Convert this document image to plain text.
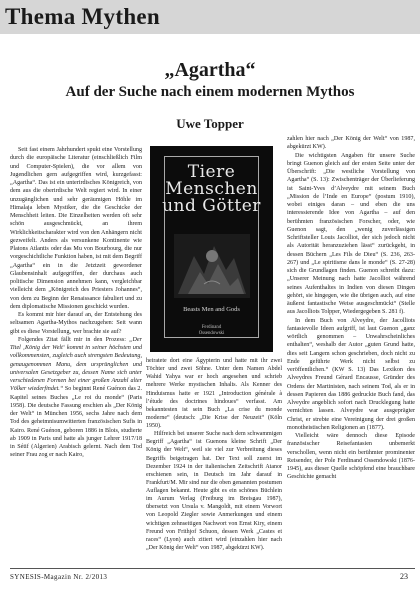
Thema Mythen
„Agartha“
Auf der Suche nach einem modernen Mythos
Uwe Topper

Seit fast einem Jahrhundert spukt eine Vorstellung durch die europäische Literatur (einschließlich Film und Computer-Spielen), die vor allem von Jugendlichen gern aufgegriffen wird, kurzgefasst: „Agartha“. Das ist ein unterirdisches Königreich, von dem aus die oberirdische Welt regiert wird. In einer unzugänglichen und sehr geräumigen Höhle im Himalaja leben Mystiker, die die Geschicke der Menschheit leiten. Die Einzelheiten werden oft sehr schön ausgeschmückt, an ihrem Wirklichkeitscharakter wird von den Anhängern nicht gezweifelt. Anders als versunkene Kontinente wie Platons Atlantis oder das Mu von Bourbourg, die nur vorgeschichtliche Funktion haben, ist mit dem Begriff „Agartha“ ein in die Jetztzeit gewordener Glaubensinhalt aufgegriffen, der durchaus auch politische Dimension annehmen kann, vergleichbar vielleicht dem „Königreich des Priesters Johannes“, von dem zu Beginn der Renaissance fabuliert und zu dem diplomatische Missionen geschickt wurden.

Es kommt mir hier darauf an, der Entstehung des seltsamen Agartha-Mythos nachzugehen: Seit wann gibt es diese Vorstellung, wer brachte sie auf?

Folgendes Zitat fällt mir in den Prozess: „Der Titel ‚König der Welt‘ kommt in seiner höchsten und vollkommensten, zugleich auch strengsten Bedeutung, genaugenommen Manu, dem ursprünglichen und universalen Gesetzgeber zu, dessen Name sich unter verschiedenen Formen bei einer großen Anzahl alter Völker wiederfindet.“ So beginnt René Guénon das 2. Kapitel seines Buches „Le roi du monde“ (Paris 1958). Die deutsche Fassung erschien als „Der König der Welt“ in München 1956, sechs Jahre nach dem Tod des geheimnisumwitterten französischen Sufis in Kairo. René Guénon, geboren 1886 in Blois, studierte ab 1909 in Paris und hatte als junger Lehrer 1917/18 in Sétif (Algerien) Arabisch gelernt. Nach dem Tod seiner Frau zog er nach Kairo,

Tiere
Menschen
und Götter
Beasts Men and Gods
Ferdinand
Ossendowski

heiratete dort eine Ägypterin und hatte mit ihr zwei Töchter und zwei Söhne. Unter dem Namen Abdel Wahid Yahya war er hoch angesehen und schrieb mehrere Werke mystischen Inhalts. Als Kenner des Hinduismus hatte er 1921 „Introduction générale à l’étude des doctrines hindoues“ verfasst. Am bekanntesten ist sein Buch „La crise du monde moderne“ (deutsch: „Die Krise der Neuzeit“ (Köln 1950).

Hilfreich bei unserer Suche nach dem schwammigen Begriff „Agartha“ ist Guenons kleine Schrift „Der König der Welt“, weil sie viel zur Verbreitung dieses Begriffs beigetragen hat. Der Text soll zuerst im Dezember 1924 in der italienischen Zeitschrift Atanor erschienen sein, in Deutsch im Jahr darauf in Frankfurt/M. Mir sind nur die oben genannten postumen Auflagen bekannt. Heute gibt es ein schönes Büchlein im Aurum Verlag (Freiburg im Breisgau 1987), übersetzt von Ursula v. Mangoldt, mit einem Vorwort von Leopold Ziegler sowie Anmerkungen und einem wichtigen zehnseitigen Nachwort von Ernst Kiry, einem Freund von Frithjof Schuon, dessen Werk „Castes et races“ (Lyon) auch zitiert wird (einzahlen hier nach „Der König der Welt“ von 1987, abgekürzt KW).

zahlen hier nach „Der König der Welt“ von 1987, abgekürzt KW).

Die wichtigsten Angaben für unsere Suche bringt Guenon gleich auf der ersten Seite unter der Überschrift: „Die westliche Vorstellung von Agartha“ (S. 13): Zwischenträger der Überlieferung ist Saint-Yves d’Alveydre mit seinem Buch „Mission de l’Inde en Europe“ (postum 1910), wobei einiges daran – und eben die uns interessierende Idee von Agartha – auf den berühmten französischen Forscher, oder, wie Guenon sagt, den „wenig zuverlässigen Schriftsteller Louis Jacolliot, der sich jedoch nicht als Autorität heranzuziehen lässt“ zurückgeht, in dessen Büchern „Les Fils de Dieu“ (S. 236, 263-267) und „Le spiritisme dans le monde“ (S. 27-28) sich die Grundlagen finden. Guenon schreibt dazu: „Unserer Meinung nach hatte Jacolliot während seines Aufenthaltes in Indien von diesen Dingen gehört, sie hingegen, wie die übrigen auch, auf eine äußerst fantastische Weise ausgeschmückt“ (Stelle aus Jacolliots Tolpper, Wiedergegeben S. 281 f).

In dem Buch von Alveydre, der Jacolliots fantasievolle Ideen aufgriff, ist laut Guenon „ganz wörtlich genommen – Unwahrscheinliches enthalten“, weshalb der Autor „guten Grund hatte, dies seit Langem schon geschrieben, doch nicht zu Ende geführte Werk nicht selbst zu veröffentlichen.“ (KW S. 13) Das Lexikon des Alveydres Freund Gérard Encausse, Gründer des Ordens der Martinisten, nach seinem Tod, als er in dessen Papieren das 1886 gedruckte Buch fand, das Alveydre angeblich sofort nach Drucklegung hatte vernichten lassen. Alveydre war ausgeprägter Christ, er strebte eine Vereinigung der drei großen monotheistischen Religionen an (1877).

Vielleicht wäre dennoch diese Episode französischer Reisefantasien unbemerkt verschollen, wenn nicht ein berühmter prominenter Reisender, der Pole Ferdinand Ossendowski (1876-1945), aus dieser Quelle schöpfend eine brauchbare Geschichte gemacht

SYNESIS-Magazin Nr. 2/2013	23
